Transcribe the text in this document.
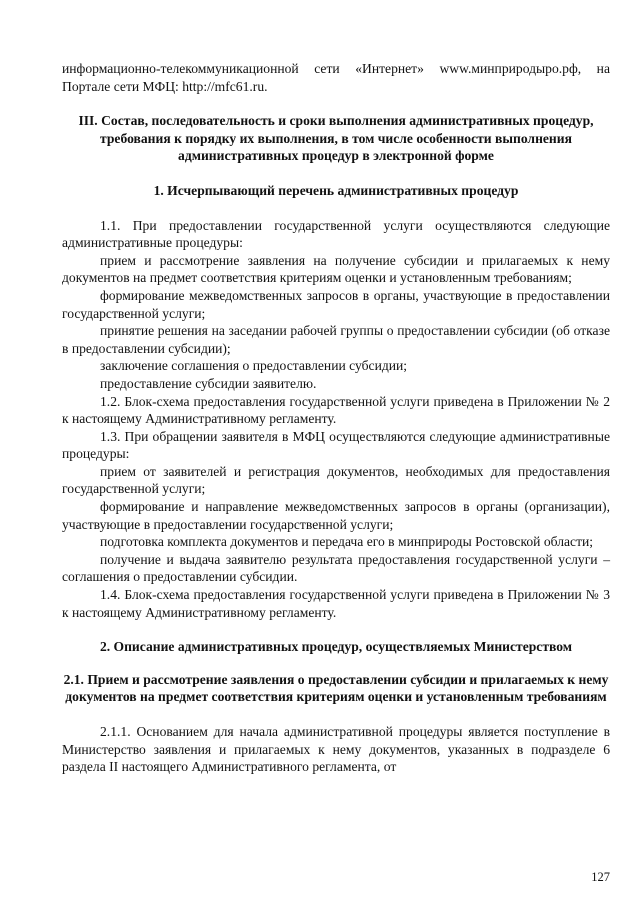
информационно-телекоммуникационной сети «Интернет» www.минприродыро.рф, на Портале сети МФЦ: http://mfc61.ru.

III. Состав, последовательность и сроки выполнения административных процедур, требования к порядку их выполнения, в том числе особенности выполнения административных процедур в электронной форме

1. Исчерпывающий перечень административных процедур

1.1. При предоставлении государственной услуги осуществляются следующие административные процедуры:

прием и рассмотрение заявления на получение субсидии и прилагаемых к нему документов на предмет соответствия критериям оценки и установленным требованиям;

формирование межведомственных запросов в органы, участвующие в предоставлении государственной услуги;

принятие решения на заседании рабочей группы о предоставлении субсидии (об отказе в предоставлении субсидии);

заключение соглашения о предоставлении субсидии;

предоставление субсидии заявителю.

1.2. Блок-схема предоставления государственной услуги приведена в Приложении № 2 к настоящему Административному регламенту.

1.3. При обращении заявителя в МФЦ осуществляются следующие административные процедуры:

прием от заявителей и регистрация документов, необходимых для предоставления государственной услуги;

формирование и направление межведомственных запросов в органы (организации), участвующие в предоставлении государственной услуги;

подготовка комплекта документов и передача его в минприроды Ростовской области;

получение и выдача заявителю результата предоставления государственной услуги – соглашения о предоставлении субсидии.

1.4. Блок-схема предоставления государственной услуги приведена в Приложении № 3 к настоящему Административному регламенту.

2. Описание административных процедур, осуществляемых Министерством

2.1. Прием и рассмотрение заявления о предоставлении субсидии и прилагаемых к нему документов на предмет соответствия критериям оценки и установленным требованиям

2.1.1. Основанием для начала административной процедуры является поступление в Министерство заявления и прилагаемых к нему документов, указанных в подразделе 6 раздела II настоящего Административного регламента, от

127
